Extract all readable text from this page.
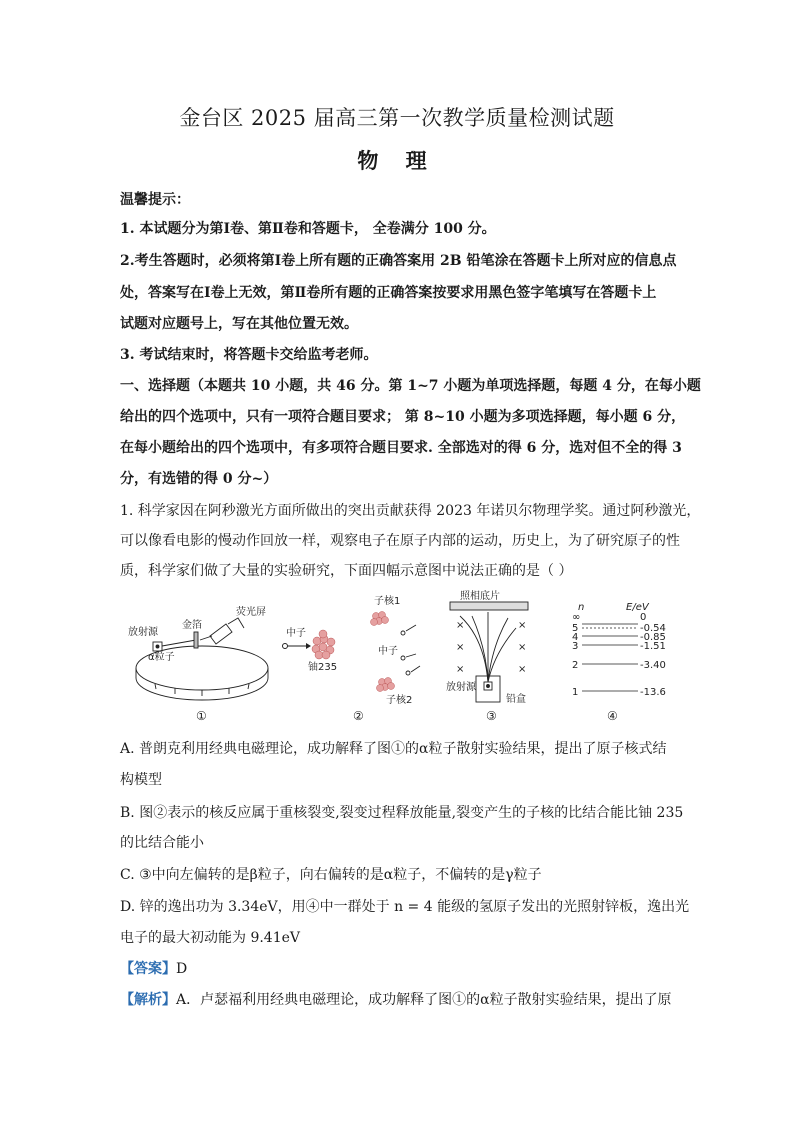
金台区 2025 届高三第一次教学质量检测试题
物 理
温馨提示：
1. 本试题分为第Ⅰ卷、第Ⅱ卷和答题卡， 全卷满分 100 分。
2.考生答题时，必须将第Ⅰ卷上所有题的正确答案用 2B 铅笔涂在答题卡上所对应的信息点
处，答案写在Ⅰ卷上无效，第Ⅱ卷所有题的正确答案按要求用黑色签字笔填写在答题卡上
试题对应题号上，写在其他位置无效。
3. 考试结束时，将答题卡交给监考老师。
一、选择题（本题共 10 小题，共 46 分。第 1~7 小题为单项选择题，每题 4 分，在每小题
给出的四个选项中，只有一项符合题目要求； 第 8~10 小题为多项选择题，每小题 6 分，
在每小题给出的四个选项中，有多项符合题目要求. 全部选对的得 6 分，选对但不全的得 3
分，有选错的得 0 分~）
1. 科学家因在阿秒激光方面所做出的突出贡献获得 2023 年诺贝尔物理学奖。通过阿秒激光，
可以像看电影的慢动作回放一样，观察电子在原子内部的运动，历史上，为了研究原子的性
质，科学家们做了大量的实验研究，下面四幅示意图中说法正确的是（ ）
放射源
金箔
荧光屏
α粒子
①
子核1
中子
铀235
中子
子核2
②
×	×
×	×
×	×
照相底片
放射源
铅盒
③
n	E/eV
∞	0
5	-0.54
4	-0.85
3	-1.51
2	-3.40
1	-13.6
④
A. 普朗克利用经典电磁理论，成功解释了图①的α粒子散射实验结果，提出了原子核式结
构模型
B. 图②表示的核反应属于重核裂变,裂变过程释放能量,裂变产生的子核的比结合能比铀 235
的比结合能小
C. ③中向左偏转的是β粒子，向右偏转的是α粒子，不偏转的是γ粒子
D. 锌的逸出功为 3.34eV，用④中一群处于 n = 4 能级的氢原子发出的光照射锌板，逸出光
电子的最大初动能为 9.41eV
【答案】D
【解析】A．卢瑟福利用经典电磁理论，成功解释了图①的α粒子散射实验结果，提出了原
